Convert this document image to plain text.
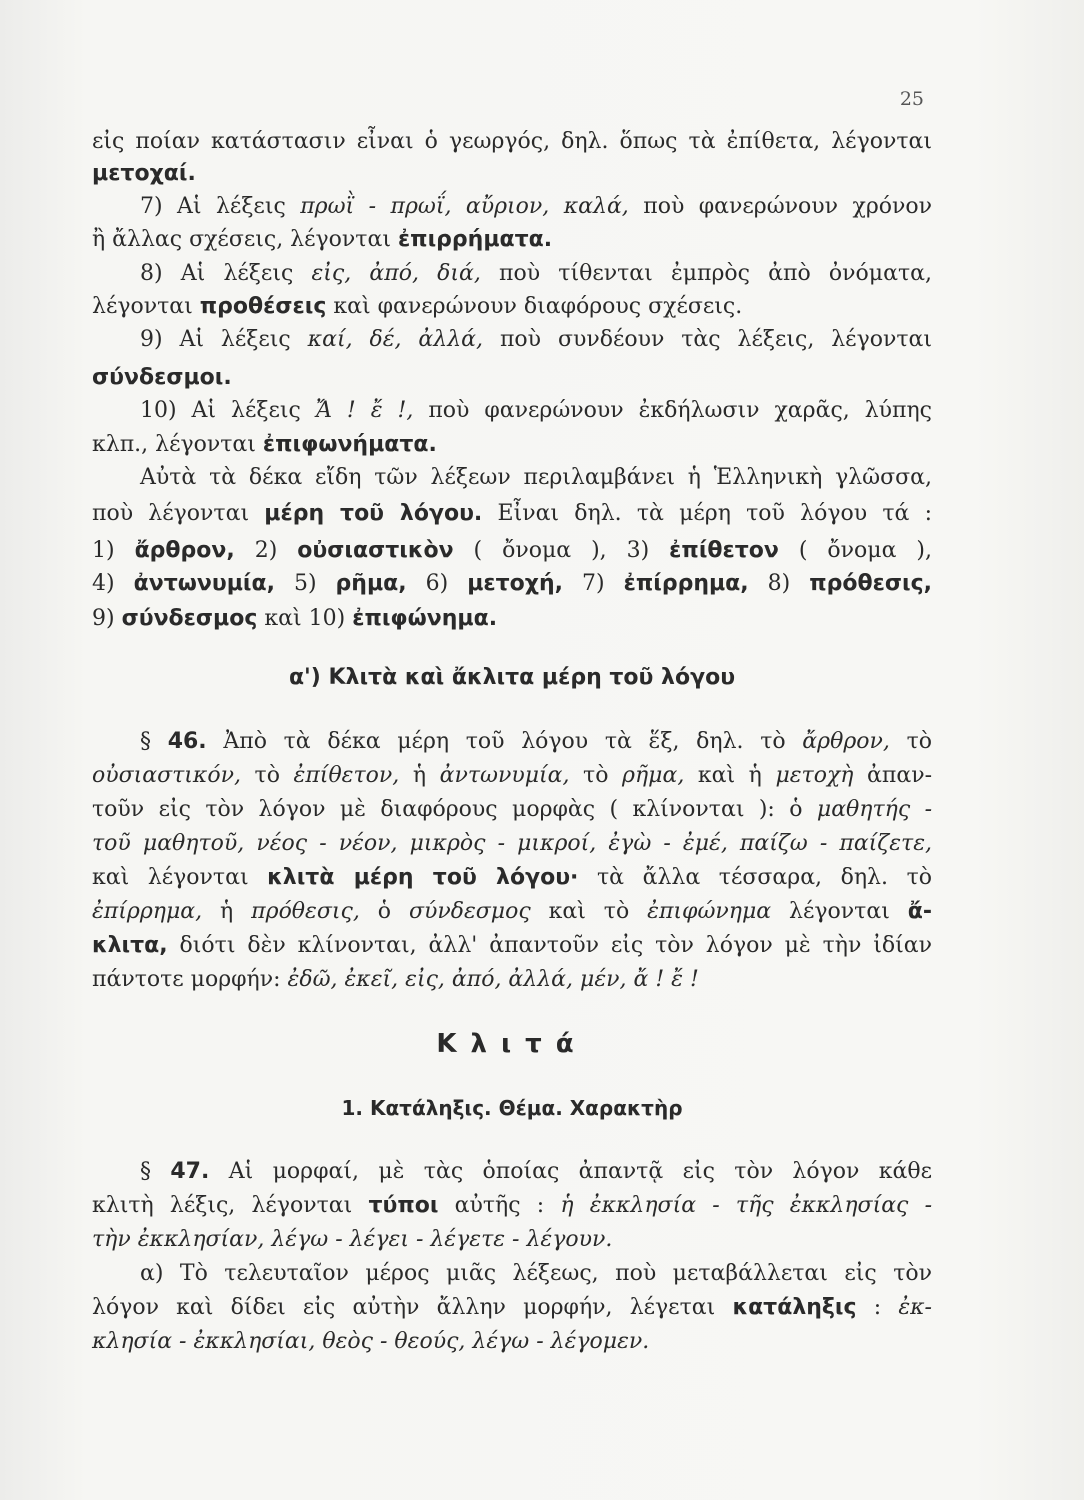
25
εἰς ποίαν κατάστασιν εἶναι ὁ γεωργός, δηλ. ὅπως τὰ ἐπίθετα, λέγονται
μετοχαί.
7) Αἱ λέξεις πρωῒ - πρωΐ, αὔριον, καλά, ποὺ φανερώνουν χρόνον
ἢ ἄλλας σχέσεις, λέγονται ἐπιρρήματα.
8) Αἱ λέξεις εἰς, ἀπό, διά, ποὺ τίθενται ἐμπρὸς ἀπὸ ὀνόματα,
λέγονται προθέσεις καὶ φανερώνουν διαφόρους σχέσεις.
9) Αἱ λέξεις καί, δέ, ἀλλά, ποὺ συνδέουν τὰς λέξεις, λέγονται
σύνδεσμοι.
10) Αἱ λέξεις Ἄ ! ἔ !, ποὺ φανερώνουν ἐκδήλωσιν χαρᾶς, λύπης
κλπ., λέγονται ἐπιφωνήματα.
Αὐτὰ τὰ δέκα εἴδη τῶν λέξεων περιλαμβάνει ἡ Ἑλληνικὴ γλῶσσα,
ποὺ λέγονται μέρη τοῦ λόγου. Εἶναι δηλ. τὰ μέρη τοῦ λόγου τά :
1) ἄρθρον, 2) οὐσιαστικὸν ( ὄνομα ), 3) ἐπίθετον ( ὄνομα ),
4) ἀντωνυμία, 5) ρῆμα, 6) μετοχή, 7) ἐπίρρημα, 8) πρόθεσις,
9) σύνδεσμος καὶ 10) ἐπιφώνημα.
α') Κλιτὰ καὶ ἄκλιτα μέρη τοῦ λόγου
§ 46. Ἀπὸ τὰ δέκα μέρη τοῦ λόγου τὰ ἕξ, δηλ. τὸ ἄρθρον, τὸ
οὐσιαστικόν, τὸ ἐπίθετον, ἡ ἀντωνυμία, τὸ ρῆμα, καὶ ἡ μετοχὴ ἀπαν-
τοῦν εἰς τὸν λόγον μὲ διαφόρους μορφὰς ( κλίνονται ): ὁ μαθητής -
τοῦ μαθητοῦ, νέος - νέον, μικρὸς - μικροί, ἐγὼ - ἐμέ, παίζω - παίζετε,
καὶ λέγονται κλιτὰ μέρη τοῦ λόγου· τὰ ἄλλα τέσσαρα, δηλ. τὸ
ἐπίρρημα, ἡ πρόθεσις, ὁ σύνδεσμος καὶ τὸ ἐπιφώνημα λέγονται ἄ-
κλιτα, διότι δὲν κλίνονται, ἀλλ' ἀπαντοῦν εἰς τὸν λόγον μὲ τὴν ἰδίαν
πάντοτε μορφήν: ἐδῶ, ἐκεῖ, εἰς, ἀπό, ἀλλά, μέν, ἄ ! ἔ !
Κλιτά
1. Κατάληξις. Θέμα. Χαρακτὴρ
§ 47. Αἱ μορφαί, μὲ τὰς ὁποίας ἀπαντᾷ εἰς τὸν λόγον κάθε
κλιτὴ λέξις, λέγονται τύποι αὐτῆς : ἡ ἐκκλησία - τῆς ἐκκλησίας -
τὴν ἐκκλησίαν, λέγω - λέγει - λέγετε - λέγουν.
α) Τὸ τελευταῖον μέρος μιᾶς λέξεως, ποὺ μεταβάλλεται εἰς τὸν
λόγον καὶ δίδει εἰς αὐτὴν ἄλλην μορφήν, λέγεται κατάληξις : ἐκ-
κλησία - ἐκκλησίαι, θεὸς - θεούς, λέγω - λέγομεν.
